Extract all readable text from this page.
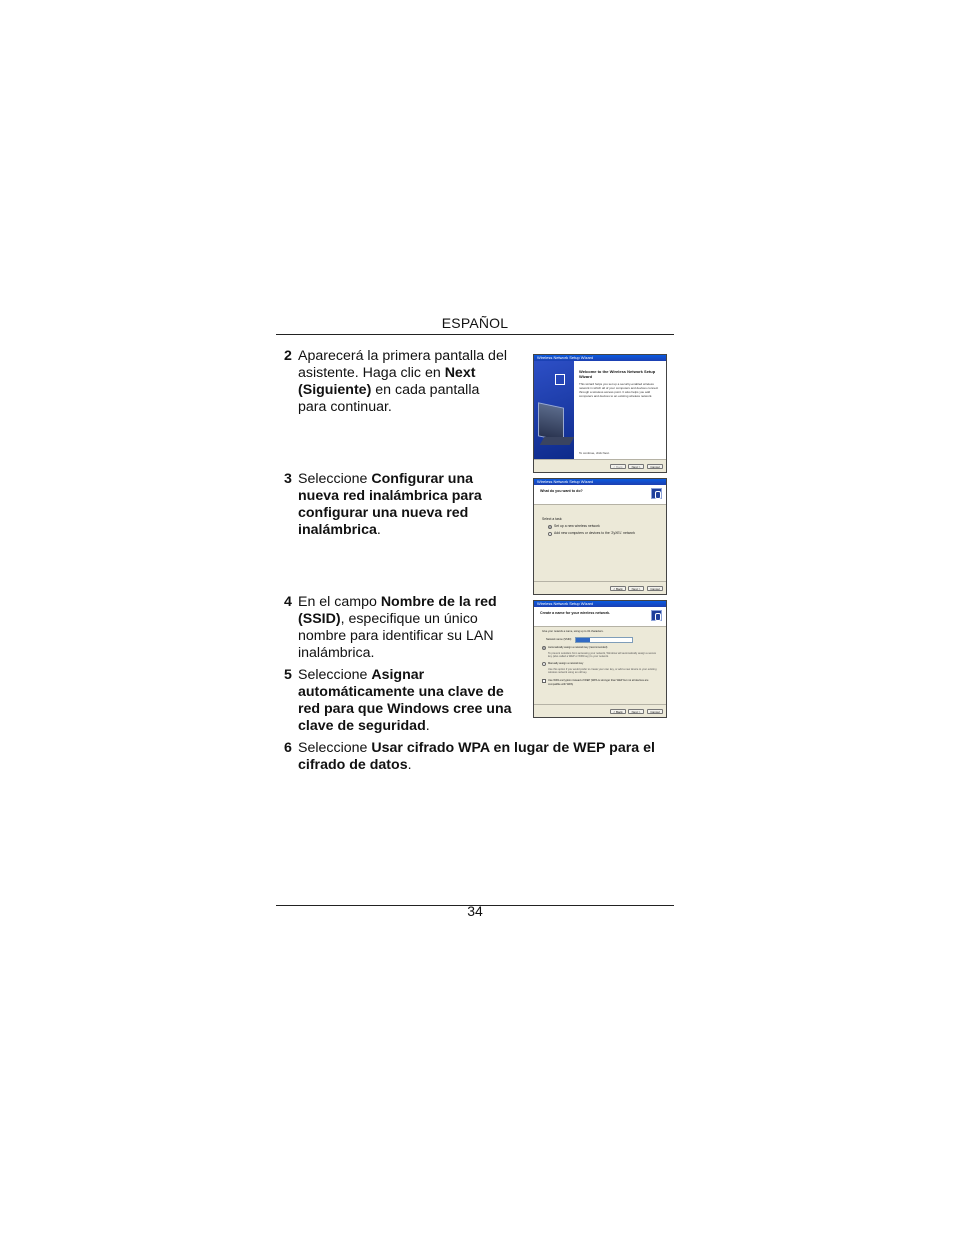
ESPAÑOL
2 Aparecerá la primera pantalla del asistente. Haga clic en Next (Siguiente) en cada pantalla para continuar.
3 Seleccione Configurar una nueva red inalámbrica para configurar una nueva red inalámbrica.
4 En el campo Nombre de la red (SSID), especifique un único nombre para identificar su LAN inalámbrica.
5 Seleccione Asignar automáticamente una clave de red para que Windows cree una clave de seguridad.
6 Seleccione Usar cifrado WPA en lugar de WEP para el cifrado de datos.
Wireless Network Setup Wizard
Welcome to the Wireless Network Setup Wizard
This wizard helps you set up a security-enabled wireless network in which all of your computers and devices connect through a wireless access point. It also helps you add computers and devices to an existing wireless network.
To continue, click Next.
< Back	Next >	Cancel
Wireless Network Setup Wizard
What do you want to do?
Select a task:
Set up a new wireless network
Add new computers or devices to the 'ZyXEL' network
< Back	Next >	Cancel
Wireless Network Setup Wizard
Create a name for your wireless network.
Give your network a name, using up to 32 characters.
Network name (SSID):
Automatically assign a network key (recommended)
To prevent outsiders from accessing your network, Windows will automatically assign a secure key (also called a WEP or WPA key) to your network.
Manually assign a network key
Use this option if you would prefer to create your own key, or add a new device to your existing wireless network using an old key.
Use WPA encryption instead of WEP (WPA is stronger than WEP but not all devices are compatible with WPA)
< Back	Next >	Cancel
34
